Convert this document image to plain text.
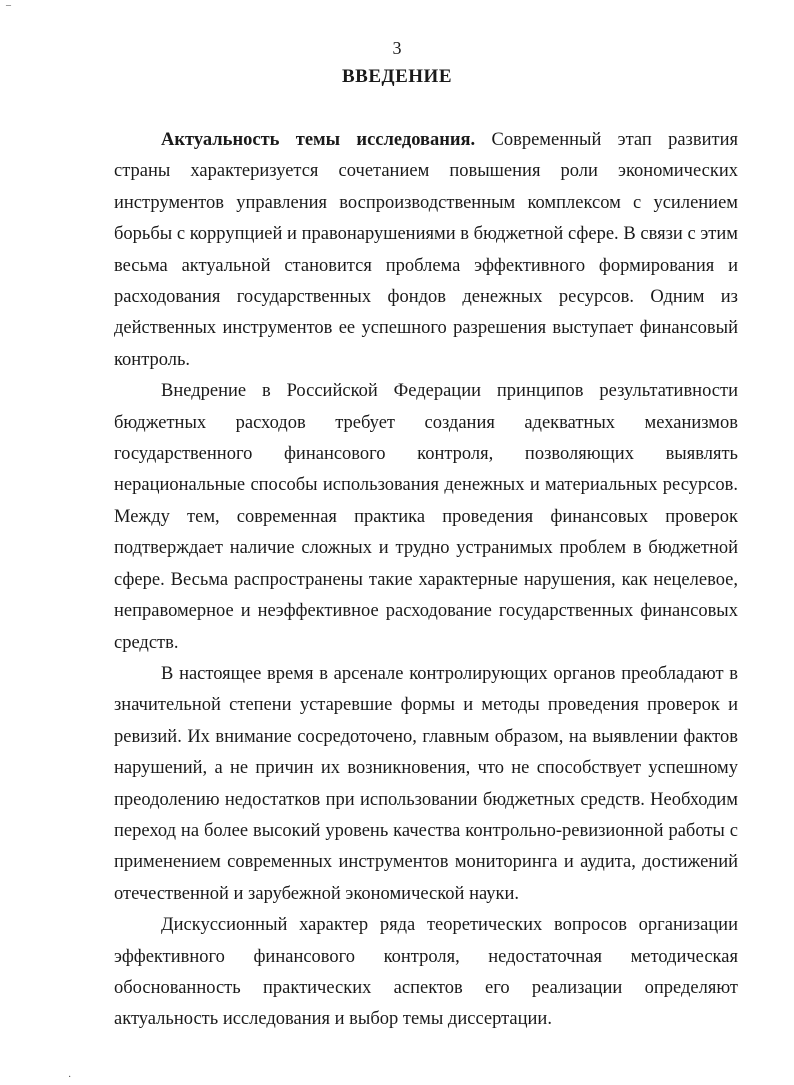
‒
3
ВВЕДЕНИЕ

Актуальность темы исследования. Современный этап развития страны характеризуется сочетанием повышения роли экономических инструментов управления воспроизводственным комплексом с усилением борьбы с коррупцией и правонарушениями в бюджетной сфере. В связи с этим весьма актуальной становится проблема эффективного формирования и расходования государственных фондов денежных ресурсов. Одним из действенных инструментов ее успешного разрешения выступает финансовый контроль.

Внедрение в Российской Федерации принципов результативности бюджетных расходов требует создания адекватных механизмов государственного финансового контроля, позволяющих выявлять нерациональные способы использования денежных и материальных ресурсов. Между тем, современная практика проведения финансовых проверок подтверждает наличие сложных и трудно устранимых проблем в бюджетной сфере. Весьма распространены такие характерные нарушения, как нецелевое, неправомерное и неэффективное расходование государственных финансовых средств.

В настоящее время в арсенале контролирующих органов преобладают в значительной степени устаревшие формы и методы проведения проверок и ревизий. Их внимание сосредоточено, главным образом, на выявлении фактов нарушений, а не причин их возникновения, что не способствует успешному преодолению недостатков при использовании бюджетных средств. Необходим переход на более высокий уровень качества контрольно-ревизионной работы с применением современных инструментов мониторинга и аудита, достижений отечественной и зарубежной экономической науки.

Дискуссионный характер ряда теоретических вопросов организации эффективного финансового контроля, недостаточная методическая обоснованность практических аспектов его реализации определяют актуальность исследования и выбор темы диссертации.

·
